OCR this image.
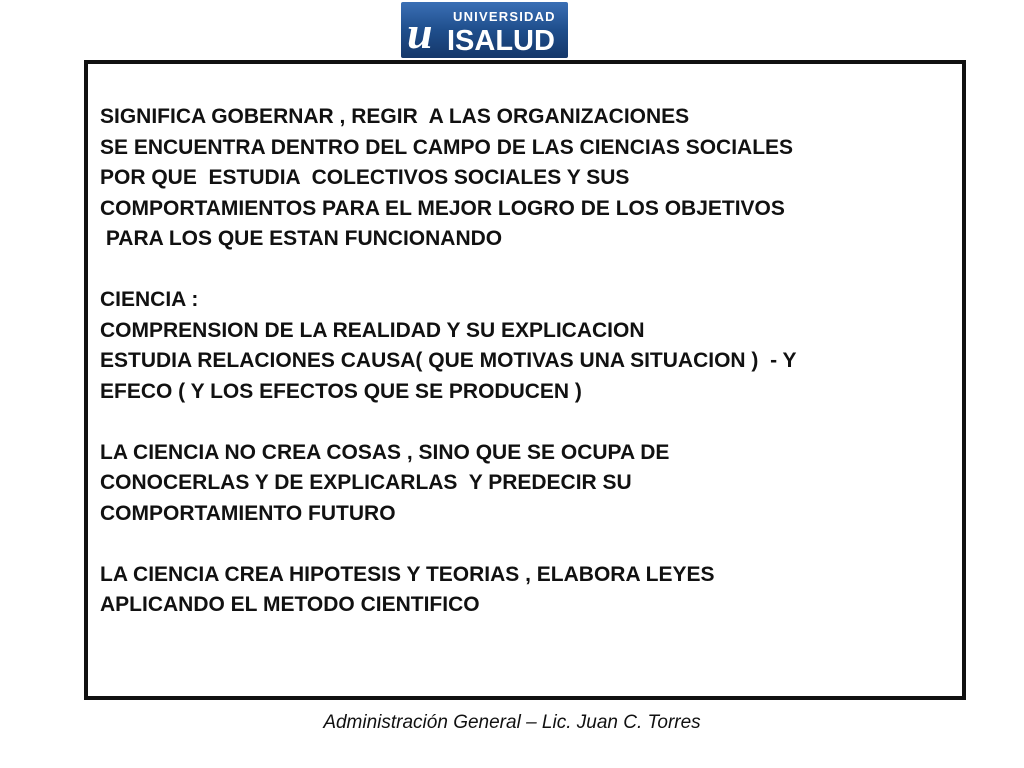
u UNIVERSIDAD
ISALUD
SIGNIFICA GOBERNAR , REGIR  A LAS ORGANIZACIONES
SE ENCUENTRA DENTRO DEL CAMPO DE LAS CIENCIAS SOCIALES
POR QUE  ESTUDIA  COLECTIVOS SOCIALES Y SUS
COMPORTAMIENTOS PARA EL MEJOR LOGRO DE LOS OBJETIVOS
PARA LOS QUE ESTAN FUNCIONANDO
CIENCIA :
COMPRENSION DE LA REALIDAD Y SU EXPLICACION
ESTUDIA RELACIONES CAUSA( QUE MOTIVAS UNA SITUACION )  - Y
EFECO ( Y LOS EFECTOS QUE SE PRODUCEN )
LA CIENCIA NO CREA COSAS , SINO QUE SE OCUPA DE
CONOCERLAS Y DE EXPLICARLAS  Y PREDECIR SU
COMPORTAMIENTO FUTURO
LA CIENCIA CREA HIPOTESIS Y TEORIAS , ELABORA LEYES
APLICANDO EL METODO CIENTIFICO
Administración General – Lic. Juan C. Torres
